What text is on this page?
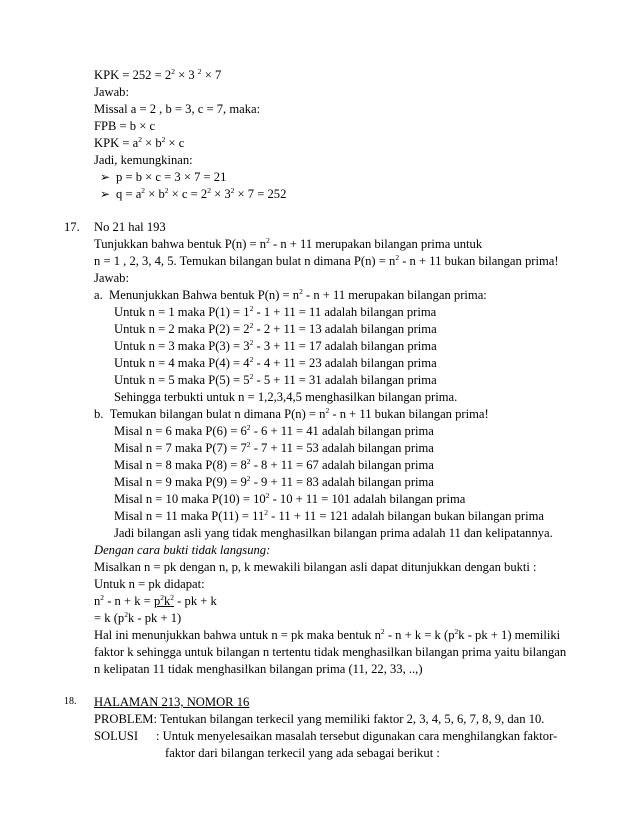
KPK = $252 = 2^2 \times 3$ $^2$ × 7
Jawab:
Missal a = 2 , b = 3, c = 7, maka:
FPB = b × c
KPK = $a^2 \times b^2 \times c$
Jadi, kemungkinan:
➢ p = b × c = 3 × 7 = 21
➢ $q = a^2 \times b^2 \times c = 2^2 \times 3^2 \times 7 = 252$
17. No 21 hal 193
Tunjukkan bahwa bentuk $P(n) = n^2 - n + 11$ merupakan bilangan prima untuk
n = 1 , 2, 3, 4, 5. Temukan bilangan bulat n dimana $P(n) = n^2 - n + 11$ bukan bilangan prima!
Jawab:
a. Menunjukkan Bahwa bentuk $P(n) = n^2 - n + 11$ merupakan bilangan prima:
Untuk n = 1 maka $P(1) = 1^2 - 1 + 11 = 11$ adalah bilangan prima
Untuk n = 2 maka $P(2) = 2^2 - 2 + 11 = 13$ adalah bilangan prima
Untuk n = 3 maka $P(3) = 3^2 - 3 + 11 = 17$ adalah bilangan prima
Untuk n = 4 maka $P(4) = 4^2 - 4 + 11 = 23$ adalah bilangan prima
Untuk n = 5 maka $P(5) = 5^2 - 5 + 11 = 31$ adalah bilangan prima
Sehingga terbukti untuk n = 1,2,3,4,5 menghasilkan bilangan prima.
b. Temukan bilangan bulat n dimana $P(n) = n^2 - n + 11$ bukan bilangan prima!
Misal n = 6 maka $P(6) = 6^2 - 6 + 11 = 41$ adalah bilangan prima
Misal n = 7 maka $P(7) = 7^2 - 7 + 11 = 53$ adalah bilangan prima
Misal n = 8 maka $P(8) = 8^2 - 8 + 11 = 67$ adalah bilangan prima
Misal n = 9 maka $P(9) = 9^2 - 9 + 11 = 83$ adalah bilangan prima
Misal n = 10 maka $P(10) = 10^2 - 10 + 11 = 101$ adalah bilangan prima
Misal n = 11 maka $P(11) = 11^2 - 11 + 11 = 121$ adalah bilangan bukan bilangan prima
Jadi bilangan asli yang tidak menghasilkan bilangan prima adalah 11 dan kelipatannya.
Dengan cara bukti tidak langsung:
Misalkan n = pk dengan n, p, k mewakili bilangan asli dapat ditunjukkan dengan bukti :
Untuk n = pk didapat:
$n^2 - n + k = p^2k^2$ - pk + k
= k ($p^2k$ - pk + 1)
Hal ini menunjukkan bahwa untuk n = pk maka bentuk $n^2 - n + k = k$ ($p^2k$ - pk + 1) memiliki
faktor k sehingga untuk bilangan n tertentu tidak menghasilkan bilangan prima yaitu bilangan
n kelipatan 11 tidak menghasilkan bilangan prima (11, 22, 33, ..,)
18. HALAMAN 213, NOMOR 16
PROBLEM: Tentukan bilangan terkecil yang memiliki faktor 2, 3, 4, 5, 6, 7, 8, 9, dan 10.
SOLUSI : Untuk menyelesaikan masalah tersebut digunakan cara menghilangkan faktor-
faktor dari bilangan terkecil yang ada sebagai berikut :
